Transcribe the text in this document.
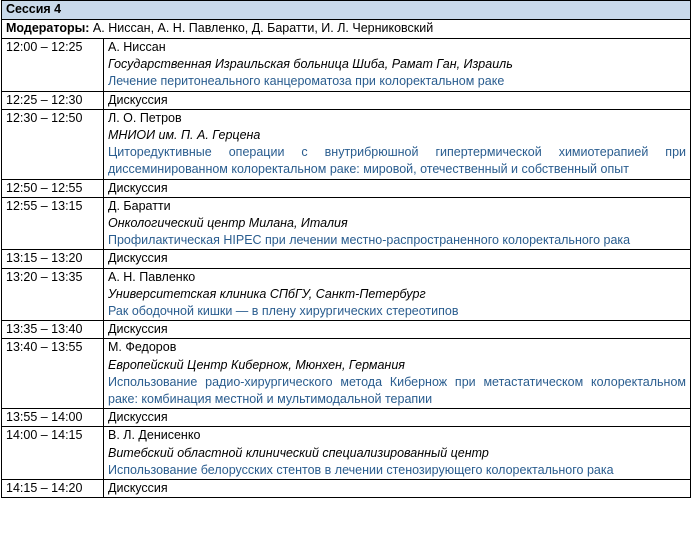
Сессия 4	
Модераторы: А. Ниссан, А. Н. Павленко, Д. Баратти, И. Л. Черниковский	
12:00 – 12:25	А. Ниссан
Государственная Израильская больница Шиба, Рамат Ган, Израиль
Лечение перитонеального канцероматоза при колоректальном раке

12:25 – 12:30	Дискуссия
12:30 – 12:50	Л. О. Петров
МНИОИ им. П. А. Герцена
Циторедуктивные операции с внутрибрюшной гипертермической химиотерапией при диссеминированном колоректальном раке: мировой, отечественный и собственный опыт

12:50 – 12:55	Дискуссия
12:55 – 13:15	Д. Баратти
Онкологический центр Милана, Италия
Профилактическая HIPEC при лечении местно-распространенного колоректального рака

13:15 – 13:20	Дискуссия
13:20 – 13:35	А. Н. Павленко
Университетская клиника СПбГУ, Санкт-Петербург
Рак ободочной кишки — в плену хирургических стереотипов

13:35 – 13:40	Дискуссия
13:40 – 13:55	М. Федоров
Европейский Центр Кибернож, Мюнхен, Германия
Использование радио-хирургического метода Кибернож при метастатическом колоректальном раке: комбинация местной и мультимодальной терапии

13:55 – 14:00	Дискуссия
14:00 – 14:15	В. Л. Денисенко
Витебский областной клинический специализированный центр
Использование белорусских стентов в лечении стенозирующего колоректального рака

14:15 – 14:20	Дискуссия
